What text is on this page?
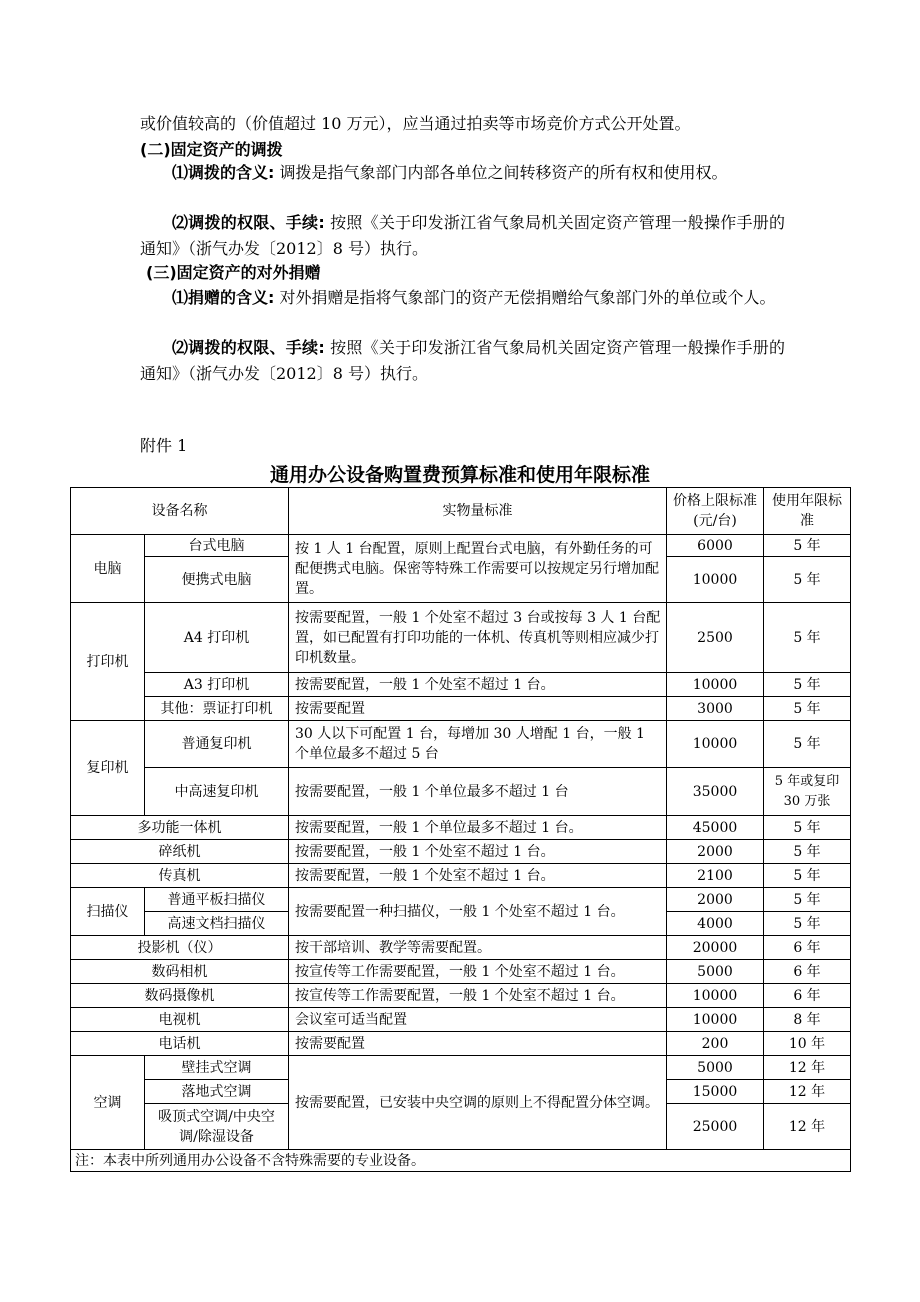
或价值较高的（价值超过 10 万元），应当通过拍卖等市场竞价方式公开处置。

(二)固定资产的调拨

⑴调拨的含义: 调拨是指气象部门内部各单位之间转移资产的所有权和使用权。

⑵调拨的权限、手续: 按照《关于印发浙江省气象局机关固定资产管理一般操作手册的通知》（浙气办发〔2012〕8 号）执行。

(三)固定资产的对外捐赠

⑴捐赠的含义: 对外捐赠是指将气象部门的资产无偿捐赠给气象部门外的单位或个人。

⑵调拨的权限、手续: 按照《关于印发浙江省气象局机关固定资产管理一般操作手册的通知》（浙气办发〔2012〕8 号）执行。

附件 1
通用办公设备购置费预算标准和使用年限标准
设备名称		实物量标准	价格上限标准(元/台)	使用年限标准
电脑	台式电脑	按 1 人 1 台配置，原则上配置台式电脑，有外勤任务的可配便携式电脑。保密等特殊工作需要可以按规定另行增加配置。	6000	5 年
	便携式电脑		10000	5 年
打印机	A4 打印机	按需要配置，一般 1 个处室不超过 3 台或按每 3 人 1 台配置，如已配置有打印功能的一体机、传真机等则相应减少打印机数量。	2500	5 年
	A3 打印机	按需要配置，一般 1 个处室不超过 1 台。	10000	5 年
	其他：票证打印机	按需要配置	3000	5 年
复印机	普通复印机	30 人以下可配置 1 台，每增加 30 人增配 1 台，一般 1 个单位最多不超过 5 台	10000	5 年
	中高速复印机	按需要配置，一般 1 个单位最多不超过 1 台	35000	5 年或复印 30 万张
多功能一体机		按需要配置，一般 1 个单位最多不超过 1 台。	45000	5 年
碎纸机		按需要配置，一般 1 个处室不超过 1 台。	2000	5 年
传真机		按需要配置，一般 1 个处室不超过 1 台。	2100	5 年
扫描仪	普通平板扫描仪	按需要配置一种扫描仪，一般 1 个处室不超过 1 台。	2000	5 年
	高速文档扫描仪		4000	5 年
投影机（仪）		按干部培训、教学等需要配置。	20000	6 年
数码相机		按宣传等工作需要配置，一般 1 个处室不超过 1 台。	5000	6 年
数码摄像机		按宣传等工作需要配置，一般 1 个处室不超过 1 台。	10000	6 年
电视机		会议室可适当配置	10000	8 年
电话机		按需要配置	200	10 年
空调	壁挂式空调	按需要配置，已安装中央空调的原则上不得配置分体空调。	5000	12 年
	落地式空调		15000	12 年
	吸顶式空调/中央空调/除湿设备		25000	12 年
注：本表中所列通用办公设备不含特殊需要的专业设备。				
